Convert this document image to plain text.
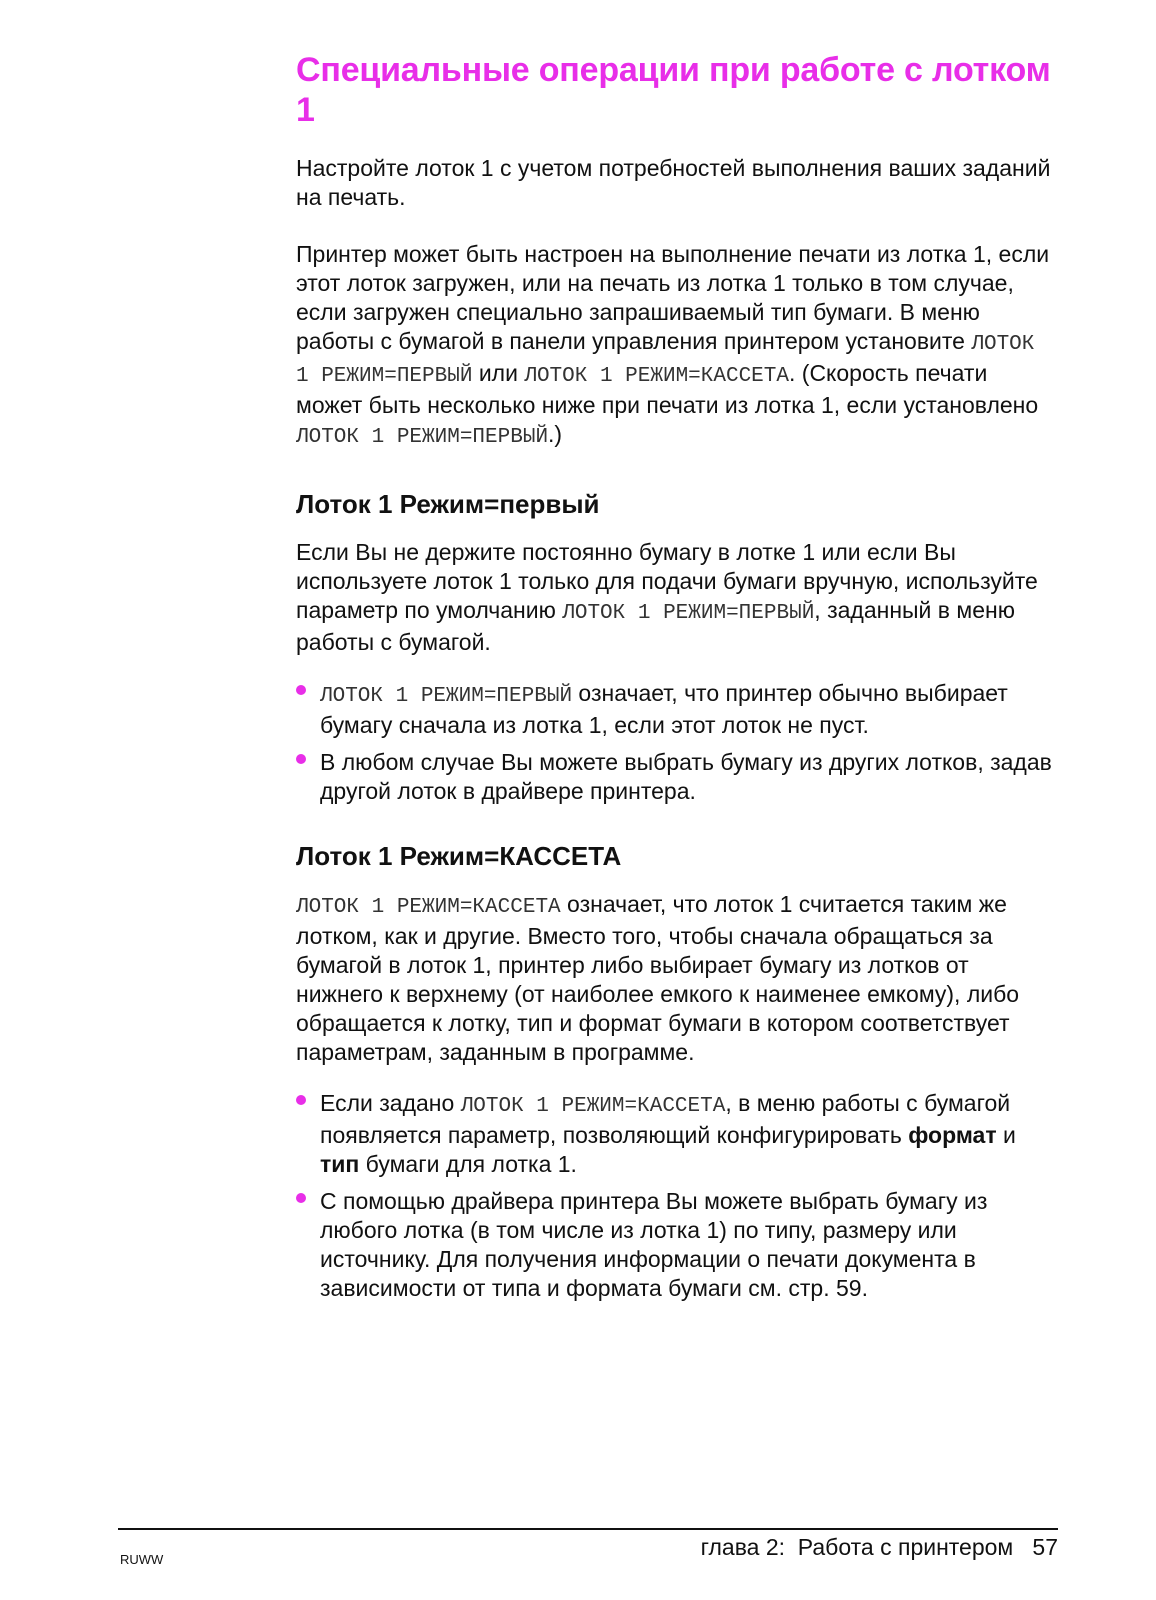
Специальные операции при работе с лотком 1

Настройте лоток 1 с учетом потребностей выполнения ваших заданий на печать.

Принтер может быть настроен на выполнение печати из лотка 1, если этот лоток загружен, или на печать из лотка 1 только в том случае, если загружен специально запрашиваемый тип бумаги. В меню работы с бумагой в панели управления принтером установите ЛОТОК 1 РЕЖИМ=ПЕРВЫЙ или ЛОТОК 1 РЕЖИМ=КАССЕТА. (Скорость печати может быть несколько ниже при печати из лотка 1, если установлено ЛОТОК 1 РЕЖИМ=ПЕРВЫЙ.)

Лоток 1 Режим=первый

Если Вы не держите постоянно бумагу в лотке 1 или если Вы используете лоток 1 только для подачи бумаги вручную, используйте параметр по умолчанию ЛОТОК 1 РЕЖИМ=ПЕРВЫЙ, заданный в меню работы с бумагой.

ЛОТОК 1 РЕЖИМ=ПЕРВЫЙ означает, что принтер обычно выбирает бумагу сначала из лотка 1, если этот лоток не пуст.
В любом случае Вы можете выбрать бумагу из других лотков, задав другой лоток в драйвере принтера.
Лоток 1 Режим=КАССЕТА

ЛОТОК 1 РЕЖИМ=КАССЕТА означает, что лоток 1 считается таким же лотком, как и другие. Вместо того, чтобы сначала обращаться за бумагой в лоток 1, принтер либо выбирает бумагу из лотков от нижнего к верхнему (от наиболее емкого к наименее емкому), либо обращается к лотку, тип и формат бумаги в котором соответствует параметрам, заданным в программе.

Если задано ЛОТОК 1 РЕЖИМ=КАССЕТА, в меню работы с бумагой появляется параметр, позволяющий конфигурировать формат и тип бумаги для лотка 1.
С помощью драйвера принтера Вы можете выбрать бумагу из любого лотка (в том числе из лотка 1) по типу, размеру или источнику. Для получения информации о печати документа в зависимости от типа и формата бумаги см. стр. 59.
RUWW	глава 2:  Работа с принтером   57
